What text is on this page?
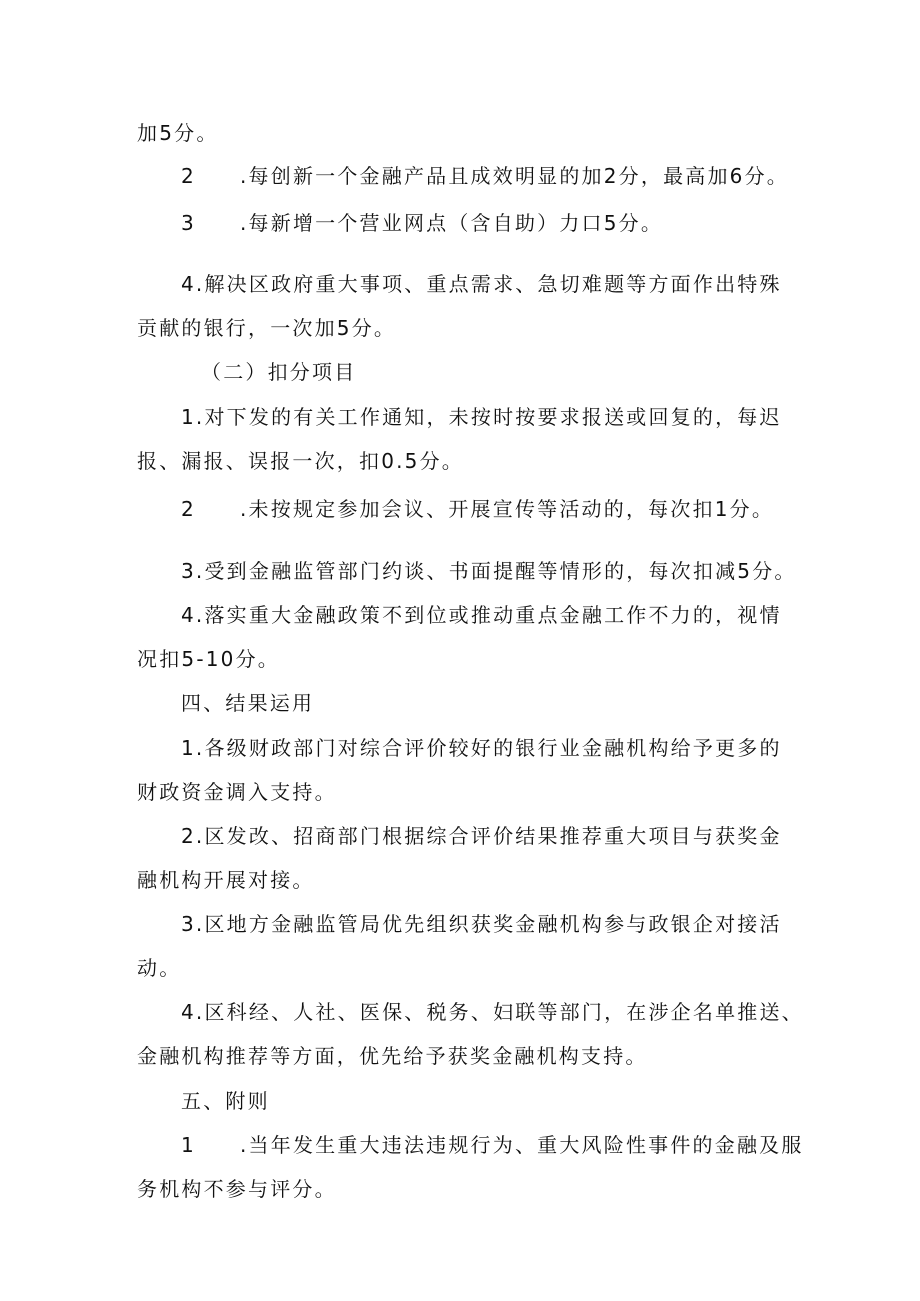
加5分。
2 .每创新一个金融产品且成效明显的加2分，最高加6分。
3 .每新增一个营业网点（含自助）力口5分。
4.解决区政府重大事项、重点需求、急切难题等方面作出特殊
贡献的银行，一次加5分。
（二）扣分项目
1.对下发的有关工作通知，未按时按要求报送或回复的，每迟
报、漏报、误报一次，扣0.5分。
2 .未按规定参加会议、开展宣传等活动的，每次扣1分。
3.受到金融监管部门约谈、书面提醒等情形的，每次扣减5分。
4.落实重大金融政策不到位或推动重点金融工作不力的，视情
况扣5-10分。
四、结果运用
1.各级财政部门对综合评价较好的银行业金融机构给予更多的
财政资金调入支持。
2.区发改、招商部门根据综合评价结果推荐重大项目与获奖金
融机构开展对接。
3.区地方金融监管局优先组织获奖金融机构参与政银企对接活
动。
4.区科经、人社、医保、税务、妇联等部门，在涉企名单推送、
金融机构推荐等方面，优先给予获奖金融机构支持。
五、附则
1 .当年发生重大违法违规行为、重大风险性事件的金融及服
务机构不参与评分。
